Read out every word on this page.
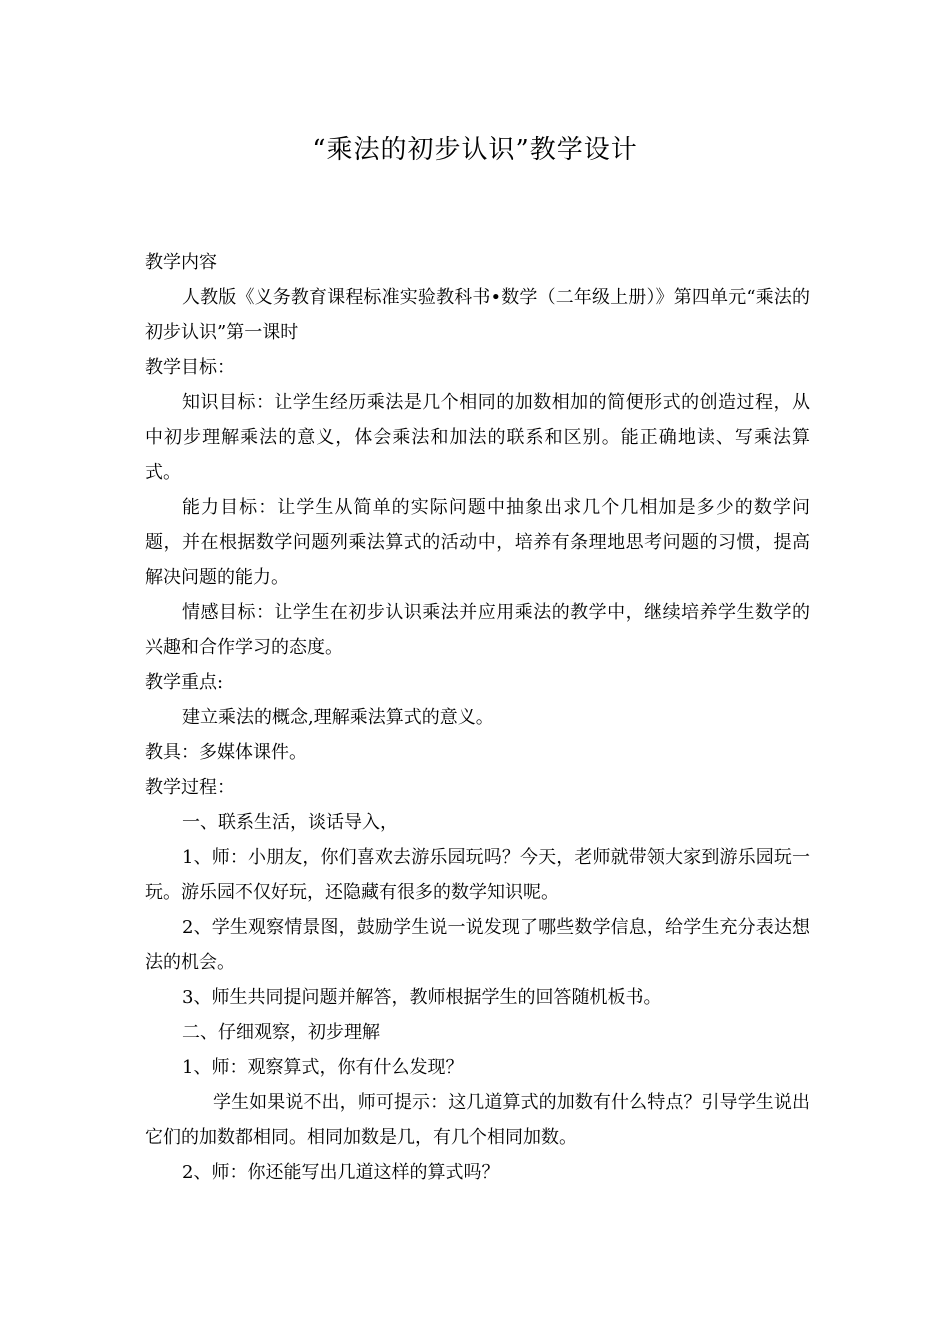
“乘法的初步认识”教学设计

教学内容

人教版《义务教育课程标准实验教科书•数学（二年级上册）》第四单元“乘法的初步认识”第一课时

教学目标：

知识目标：让学生经历乘法是几个相同的加数相加的简便形式的创造过程，从中初步理解乘法的意义，体会乘法和加法的联系和区别。能正确地读、写乘法算式。

能力目标：让学生从简单的实际问题中抽象出求几个几相加是多少的数学问题，并在根据数学问题列乘法算式的活动中，培养有条理地思考问题的习惯，提高解决问题的能力。

情感目标：让学生在初步认识乘法并应用乘法的教学中，继续培养学生数学的兴趣和合作学习的态度。

教学重点:

建立乘法的概念,理解乘法算式的意义。

教具：多媒体课件。

教学过程：

一、联系生活，谈话导入，

1、师：小朋友，你们喜欢去游乐园玩吗？今天，老师就带领大家到游乐园玩一玩。游乐园不仅好玩，还隐藏有很多的数学知识呢。

2、学生观察情景图，鼓励学生说一说发现了哪些数学信息，给学生充分表达想法的机会。

3、师生共同提问题并解答，教师根据学生的回答随机板书。

二、仔细观察，初步理解

1、师：观察算式，你有什么发现？

学生如果说不出，师可提示：这几道算式的加数有什么特点？引导学生说出它们的加数都相同。相同加数是几，有几个相同加数。

2、师：你还能写出几道这样的算式吗？
